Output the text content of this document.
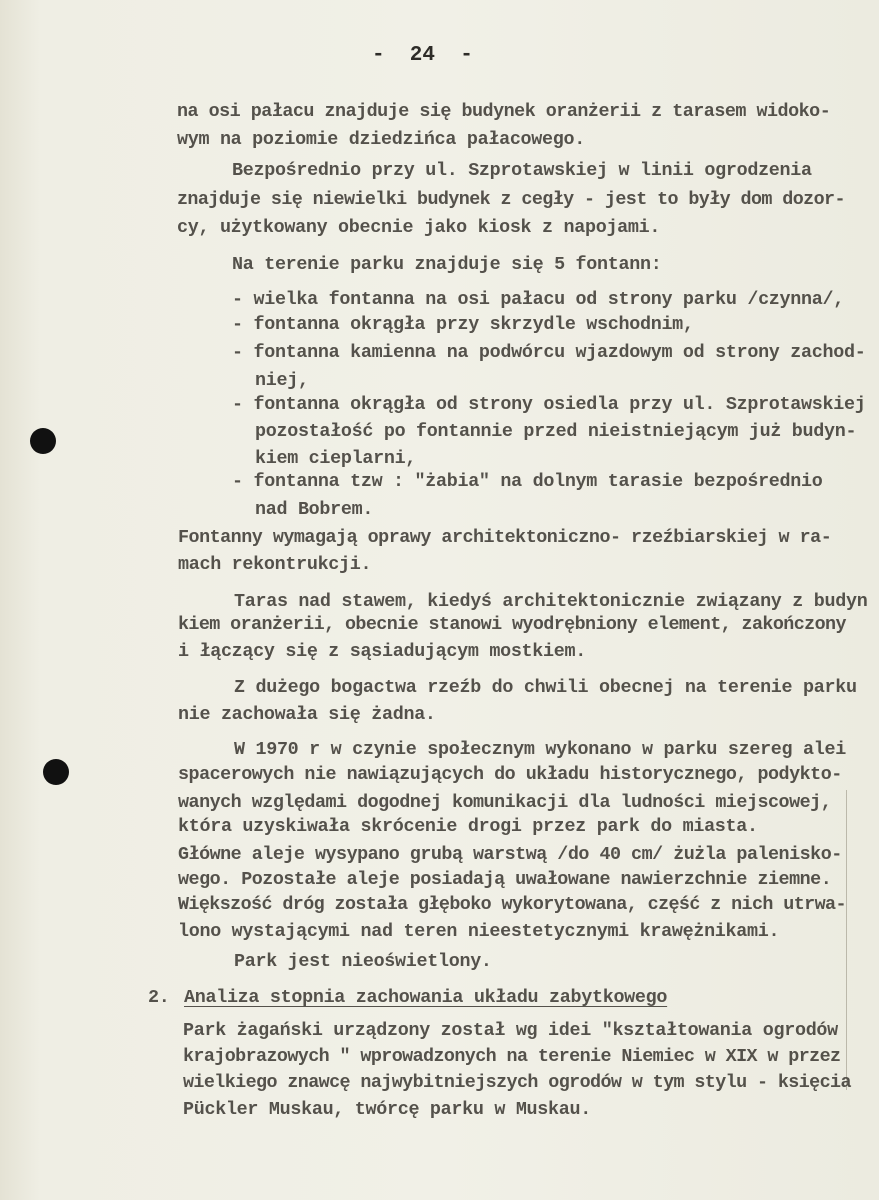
-  24  -
na osi pałacu znajduje się budynek oranżerii z tarasem widoko-
wym na poziomie dziedzińca pałacowego.
Bezpośrednio przy ul. Szprotawskiej w linii ogrodzenia
znajduje się niewielki budynek z cegły - jest to były dom dozor-
cy, użytkowany obecnie jako kiosk z napojami.
Na terenie parku znajduje się 5 fontann:
- wielka fontanna na osi pałacu od strony parku /czynna/,
- fontanna okrągła przy skrzydle wschodnim,
- fontanna kamienna na podwórcu wjazdowym od strony zachod-
niej,
- fontanna okrągła od strony osiedla przy ul. Szprotawskiej
pozostałość po fontannie przed nieistniejącym już budyn-
kiem cieplarni,
- fontanna tzw : "żabia" na dolnym tarasie bezpośrednio
nad Bobrem.
Fontanny wymagają oprawy architektoniczno- rzeźbiarskiej w ra-
mach rekontrukcji.
Taras nad stawem, kiedyś architektonicznie związany z budyn
kiem oranżerii, obecnie stanowi wyodrębniony element, zakończony
i łączący się z sąsiadującym mostkiem.
Z dużego bogactwa rzeźb do chwili obecnej na terenie parku
nie zachowała się żadna.
W 1970 r w czynie społecznym wykonano w parku szereg alei
spacerowych nie nawiązujących do układu historycznego, podykto-
wanych względami dogodnej komunikacji dla ludności miejscowej,
która uzyskiwała skrócenie drogi przez park do miasta.
Główne aleje wysypano grubą warstwą /do 40 cm/ żużla palenisko-
wego. Pozostałe aleje posiadają uwałowane nawierzchnie ziemne.
Większość dróg została głęboko wykorytowana, część z nich utrwa-
lono wystającymi nad teren nieestetycznymi krawężnikami.
Park jest nieoświetlony.
2. Analiza stopnia zachowania układu zabytkowego
Park żagański urządzony został wg idei "kształtowania ogrodów
krajobrazowych " wprowadzonych na terenie Niemiec w XIX w przez
wielkiego znawcę najwybitniejszych ogrodów w tym stylu - księcia
Pückler Muskau, twórcę parku w Muskau.
